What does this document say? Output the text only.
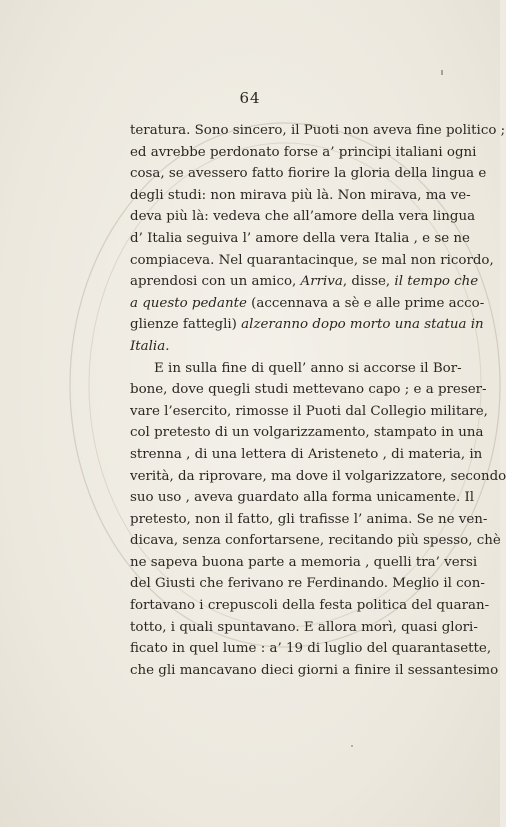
64
teratura. Sono sincero, il Puoti non aveva fine politico ;
ed avrebbe perdonato forse a’ principi italiani ogni
cosa, se avessero fatto fiorire la gloria della lingua e
degli studi: non mirava più là. Non mirava, ma ve-
deva più là: vedeva che all’amore della vera lingua
d’ Italia seguiva l’ amore della vera Italia , e se ne
compiaceva. Nel quarantacinque, se mal non ricordo,
aprendosi con un amico, Arriva, disse, il tempo che
a questo pedante (accennava a sè e alle prime acco-
glienze fattegli) alzeranno dopo morto una statua in
Italia.
E in sulla fine di quell’ anno si accorse il Bor-
bone, dove quegli studi mettevano capo ; e a preser-
vare l’esercito, rimosse il Puoti dal Collegio militare,
col pretesto di un volgarizzamento, stampato in una
strenna , di una lettera di Aristeneto , di materia, in
verità, da riprovare, ma dove il volgarizzatore, secondo
suo uso , aveva guardato alla forma unicamente. Il
pretesto, non il fatto, gli trafisse l’ anima. Se ne ven-
dicava, senza confortarsene, recitando più spesso, chè
ne sapeva buona parte a memoria , quelli tra’ versi
del Giusti che ferivano re Ferdinando. Meglio il con-
fortavano i crepuscoli della festa politica del quaran-
totto, i quali spuntavano. E allora morì, quasi glori-
ficato in quel lume : a’ 19 di luglio del quarantasette,
che gli mancavano dieci giorni a finire il sessantesimo
